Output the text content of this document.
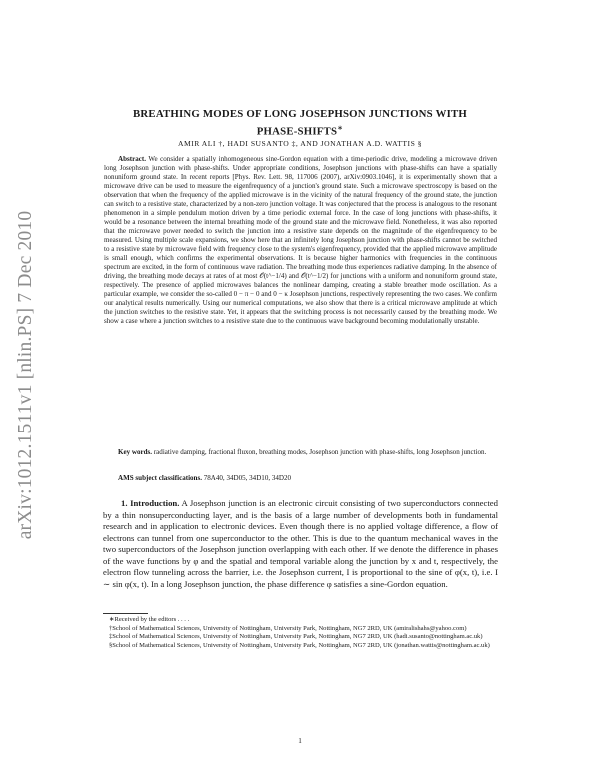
arXiv:1012.1511v1 [nlin.PS] 7 Dec 2010
BREATHING MODES OF LONG JOSEPHSON JUNCTIONS WITH
PHASE-SHIFTS∗
AMIR ALI †, HADI SUSANTO ‡, AND JONATHAN A.D. WATTIS §

Abstract. We consider a spatially inhomogeneous sine-Gordon equation with a time-periodic drive, modeling a microwave driven long Josephson junction with phase-shifts. Under appropriate conditions, Josephson junctions with phase-shifts can have a spatially nonuniform ground state. In recent reports [Phys. Rev. Lett. 98, 117006 (2007), arXiv:0903.1046], it is experimentally shown that a microwave drive can be used to measure the eigenfrequency of a junction's ground state. Such a microwave spectroscopy is based on the observation that when the frequency of the applied microwave is in the vicinity of the natural frequency of the ground state, the junction can switch to a resistive state, characterized by a non-zero junction voltage. It was conjectured that the process is analogous to the resonant phenomenon in a simple pendulum motion driven by a time periodic external force. In the case of long junctions with phase-shifts, it would be a resonance between the internal breathing mode of the ground state and the microwave field. Nonetheless, it was also reported that the microwave power needed to switch the junction into a resistive state depends on the magnitude of the eigenfrequency to be measured. Using multiple scale expansions, we show here that an infinitely long Josephson junction with phase-shifts cannot be switched to a resistive state by microwave field with frequency close to the system's eigenfrequency, provided that the applied microwave amplitude is small enough, which confirms the experimental observations. It is because higher harmonics with frequencies in the continuous spectrum are excited, in the form of continuous wave radiation. The breathing mode thus experiences radiative damping. In the absence of driving, the breathing mode decays at rates of at most 𝒪(t^−1/4) and 𝒪(t^−1/2) for junctions with a uniform and nonuniform ground state, respectively. The presence of applied microwaves balances the nonlinear damping, creating a stable breather mode oscillation. As a particular example, we consider the so-called 0 − π − 0 and 0 − κ Josephson junctions, respectively representing the two cases. We confirm our analytical results numerically. Using our numerical computations, we also show that there is a critical microwave amplitude at which the junction switches to the resistive state. Yet, it appears that the switching process is not necessarily caused by the breathing mode. We show a case where a junction switches to a resistive state due to the continuous wave background becoming modulationally unstable.

Key words. radiative damping, fractional fluxon, breathing modes, Josephson junction with phase-shifts, long Josephson junction.

AMS subject classifications. 78A40, 34D05, 34D10, 34D20

1. Introduction. A Josephson junction is an electronic circuit consisting of two superconductors connected by a thin nonsuperconducting layer, and is the basis of a large number of developments both in fundamental research and in application to electronic devices. Even though there is no applied voltage difference, a flow of electrons can tunnel from one superconductor to the other. This is due to the quantum mechanical waves in the two superconductors of the Josephson junction overlapping with each other. If we denote the difference in phases of the wave functions by φ and the spatial and temporal variable along the junction by x and t, respectively, the electron flow tunneling across the barrier, i.e. the Josephson current, I is proportional to the sine of φ(x, t), i.e. I ∼ sin φ(x, t). In a long Josephson junction, the phase difference φ satisfies a sine-Gordon equation.

∗Received by the editors . . . .

†School of Mathematical Sciences, University of Nottingham, University Park, Nottingham, NG7 2RD, UK (amiralishahs@yahoo.com)

‡School of Mathematical Sciences, University of Nottingham, University Park, Nottingham, NG7 2RD, UK (hadi.susanto@nottingham.ac.uk)

§School of Mathematical Sciences, University of Nottingham, University Park, Nottingham, NG7 2RD, UK (jonathan.wattis@nottingham.ac.uk)

1
